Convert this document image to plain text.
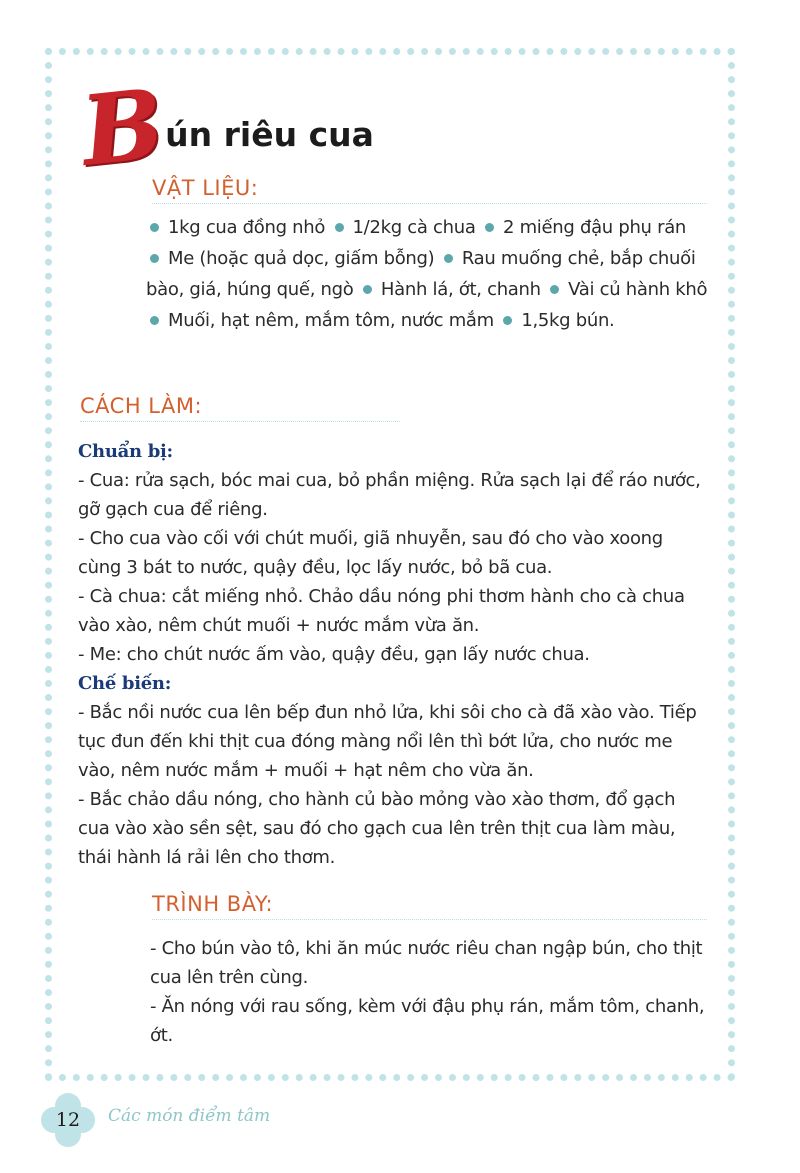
B
ún riêu cua
VẬT LIỆU:
1kg cua đồng nhỏ 1/2kg cà chua 2 miếng đậu phụ rán Me (hoặc quả dọc, giấm bỗng) Rau muống chẻ, bắp chuối bào, giá, húng quế, ngò Hành lá, ớt, chanh Vài củ hành khô Muối, hạt nêm, mắm tôm, nước mắm 1,5kg bún.
CÁCH LÀM:
Chuẩn bị:
- Cua: rửa sạch, bóc mai cua, bỏ phần miệng. Rửa sạch lại để ráo nước, gỡ gạch cua để riêng.
- Cho cua vào cối với chút muối, giã nhuyễn, sau đó cho vào xoong cùng 3 bát to nước, quậy đều, lọc lấy nước, bỏ bã cua.
- Cà chua: cắt miếng nhỏ. Chảo dầu nóng phi thơm hành cho cà chua vào xào, nêm chút muối + nước mắm vừa ăn.
- Me: cho chút nước ấm vào, quậy đều, gạn lấy nước chua.
Chế biến:
- Bắc nồi nước cua lên bếp đun nhỏ lửa, khi sôi cho cà đã xào vào. Tiếp tục đun đến khi thịt cua đóng màng nổi lên thì bớt lửa, cho nước me vào, nêm nước mắm + muối + hạt nêm cho vừa ăn.
- Bắc chảo dầu nóng, cho hành củ bào mỏng vào xào thơm, đổ gạch cua vào xào sền sệt, sau đó cho gạch cua lên trên thịt cua làm màu, thái hành lá rải lên cho thơm.
TRÌNH BÀY:
- Cho bún vào tô, khi ăn múc nước riêu chan ngập bún, cho thịt cua lên trên cùng.
- Ăn nóng với rau sống, kèm với đậu phụ rán, mắm tôm, chanh, ớt.
12	Các món điểm tâm
